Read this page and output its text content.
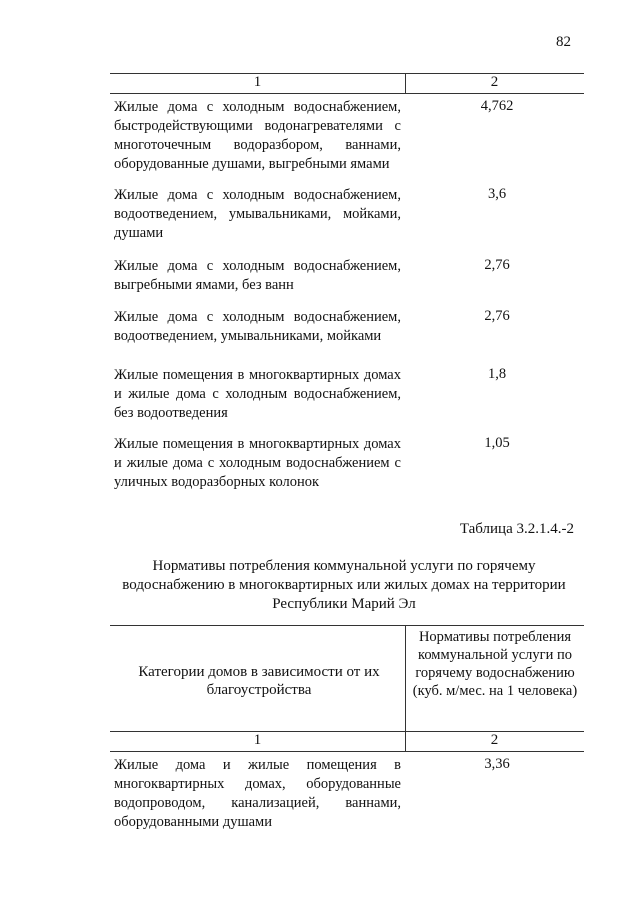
82
1	2
Жилые дома с холодным водоснабжением, быстродействующими водонагревателями с многоточечным водоразбором, ваннами, оборудованные душами, выгребными ямами
4,762
Жилые дома с холодным водоснабжением, водоотведением, умывальниками, мойками, душами
3,6
Жилые дома с холодным водоснабжением, выгребными ямами, без ванн
2,76
Жилые дома с холодным водоснабжением, водоотведением, умывальниками, мойками
2,76
Жилые помещения в многоквартирных домах и жилые дома с холодным водоснабжением, без водоотведения
1,8
Жилые помещения в многоквартирных домах и жилые дома с холодным водоснабжением с уличных водоразборных колонок
1,05
Таблица 3.2.1.4.-2
Нормативы потребления коммунальной услуги по горячему водоснабжению в многоквартирных или жилых домах на территории Республики Марий Эл
Категории домов в зависимости от их благоустройства
Нормативы потребления коммунальной услуги по горячему водоснабжению (куб. м/мес. на 1 человека)
1	2
Жилые дома и жилые помещения в многоквартирных домах, оборудованные водопроводом, канализацией, ваннами, оборудованными душами
3,36
